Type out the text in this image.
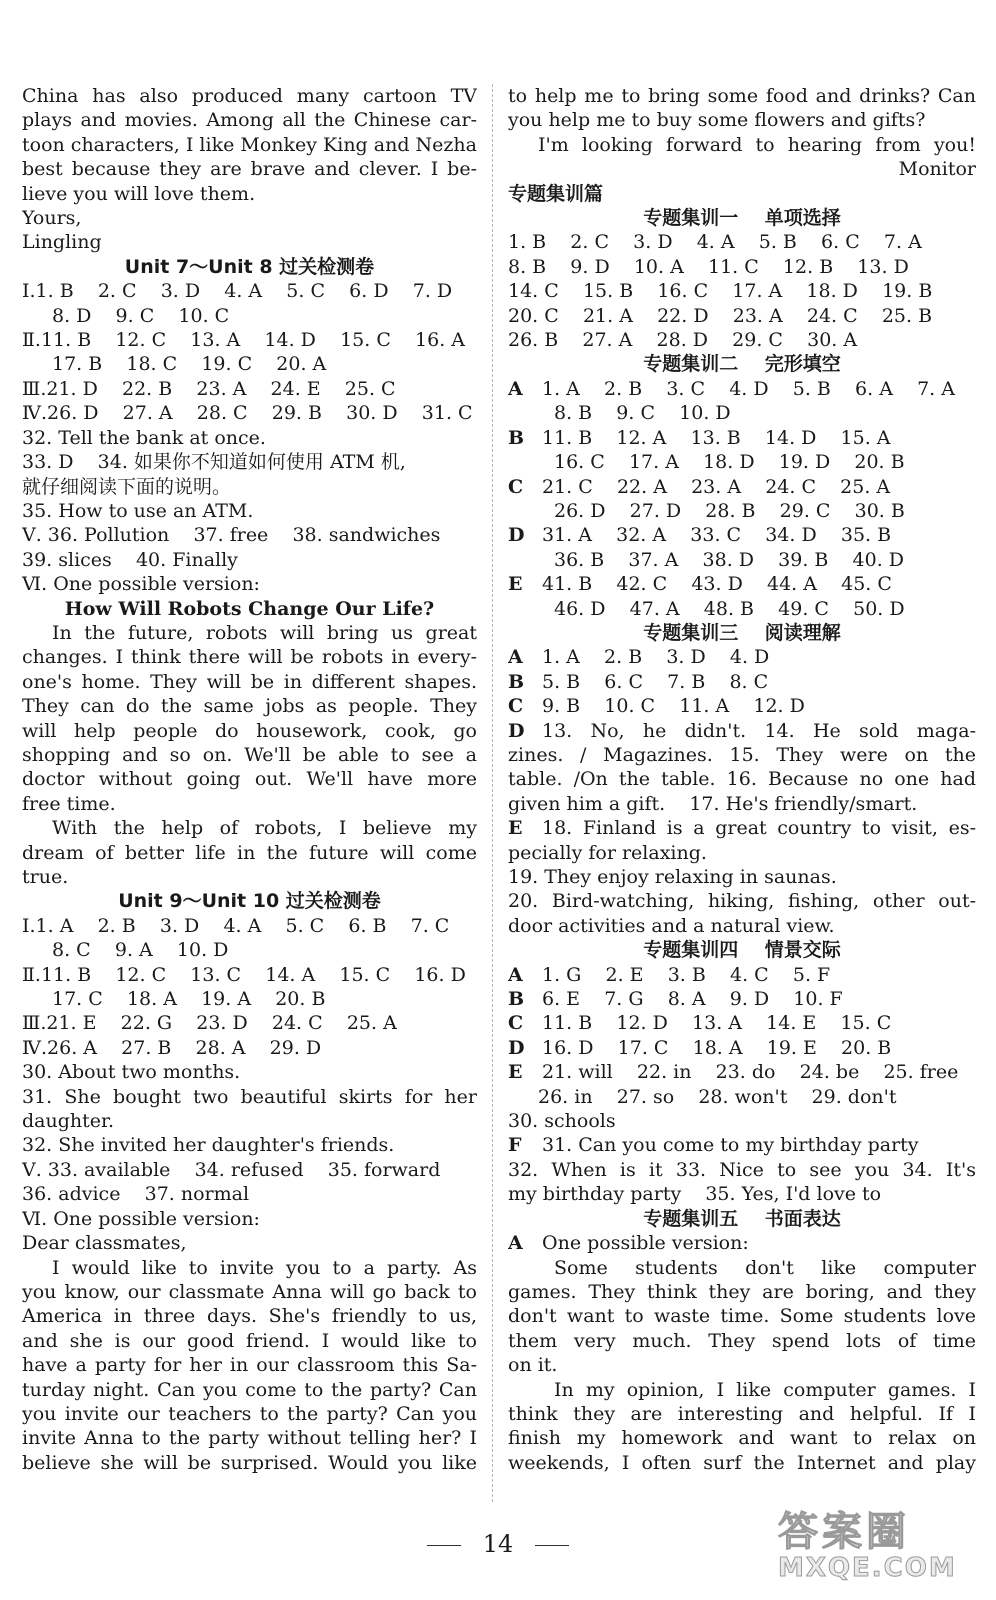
China has also produced many cartoon TV
plays and movies. Among all the Chinese car-
toon characters, I like Monkey King and Nezha
best because they are brave and clever. I be-
lieve you will love them.
Yours,
Lingling
Unit 7～Unit 8 过关检测卷
Ⅰ.1. B    2. C    3. D    4. A    5. C    6. D    7. D
8. D    9. C    10. C
Ⅱ.11. B    12. C    13. A    14. D    15. C    16. A
17. B    18. C    19. C    20. A
Ⅲ.21. D    22. B    23. A    24. E    25. C
Ⅳ.26. D    27. A    28. C    29. B    30. D    31. C
32. Tell the bank at once.
33. D    34. 如果你不知道如何使用 ATM 机,
就仔细阅读下面的说明。
35. How to use an ATM.
Ⅴ. 36. Pollution    37. free    38. sandwiches
39. slices    40. Finally
Ⅵ. One possible version:
How Will Robots Change Our Life?
In the future, robots will bring us great
changes. I think there will be robots in every-
one's home. They will be in different shapes.
They can do the same jobs as people. They
will help people do housework, cook, go
shopping and so on. We'll be able to see a
doctor without going out. We'll have more
free time.
With the help of robots, I believe my
dream of better life in the future will come
true.
Unit 9～Unit 10 过关检测卷
Ⅰ.1. A    2. B    3. D    4. A    5. C    6. B    7. C
8. C    9. A    10. D
Ⅱ.11. B    12. C    13. C    14. A    15. C    16. D
17. C    18. A    19. A    20. B
Ⅲ.21. E    22. G    23. D    24. C    25. A
Ⅳ.26. A    27. B    28. A    29. D
30. About two months.
31. She bought two beautiful skirts for her
daughter.
32. She invited her daughter's friends.
Ⅴ. 33. available    34. refused    35. forward
36. advice    37. normal
Ⅵ. One possible version:
Dear classmates,
I would like to invite you to a party. As
you know, our classmate Anna will go back to
America in three days. She's friendly to us,
and she is our good friend. I would like to
have a party for her in our classroom this Sa-
turday night. Can you come to the party? Can
you invite our teachers to the party? Can you
invite Anna to the party without telling her? I
believe she will be surprised. Would you like
to help me to bring some food and drinks? Can
you help me to buy some flowers and gifts?
I'm looking forward to hearing from you!
Monitor
专题集训篇
专题集训一    单项选择
1. B    2. C    3. D    4. A    5. B    6. C    7. A
8. B    9. D    10. A    11. C    12. B    13. D
14. C    15. B    16. C    17. A    18. D    19. B
20. C    21. A    22. D    23. A    24. C    25. B
26. B    27. A    28. D    29. C    30. A
专题集训二    完形填空
A 1. A    2. B    3. C    4. D    5. B    6. A    7. A
8. B    9. C    10. D
B 11. B    12. A    13. B    14. D    15. A
16. C    17. A    18. D    19. D    20. B
C 21. C    22. A    23. A    24. C    25. A
26. D    27. D    28. B    29. C    30. B
D 31. A    32. A    33. C    34. D    35. B
36. B    37. A    38. D    39. B    40. D
E 41. B    42. C    43. D    44. A    45. C
46. D    47. A    48. B    49. C    50. D
专题集训三    阅读理解
A 1. A    2. B    3. D    4. D
B 5. B    6. C    7. B    8. C
C 9. B    10. C    11. A    12. D
D 13. No, he didn't. 14. He sold maga-
zines. / Magazines. 15. They were on the
table. /On the table. 16. Because no one had
given him a gift.    17. He's friendly/smart.
E 18. Finland is a great country to visit, es-
pecially for relaxing.
19. They enjoy relaxing in saunas.
20. Bird-watching, hiking, fishing, other out-
door activities and a natural view.
专题集训四    情景交际
A 1. G    2. E    3. B    4. C    5. F
B 6. E    7. G    8. A    9. D    10. F
C 11. B    12. D    13. A    14. E    15. C
D 16. D    17. C    18. A    19. E    20. B
E 21. will    22. in    23. do    24. be    25. free
26. in    27. so    28. won't    29. don't
30. schools
F 31. Can you come to my birthday party
32. When is it 33. Nice to see you 34. It's
my birthday party    35. Yes, I'd love to
专题集训五    书面表达
A One possible version:
Some students don't like computer
games. They think they are boring, and they
don't want to waste time. Some students love
them very much. They spend lots of time
on it.
In my opinion, I like computer games. I
think they are interesting and helpful. If I
finish my homework and want to relax on
weekends, I often surf the Internet and play
14	答案圈
MXQE.COM
